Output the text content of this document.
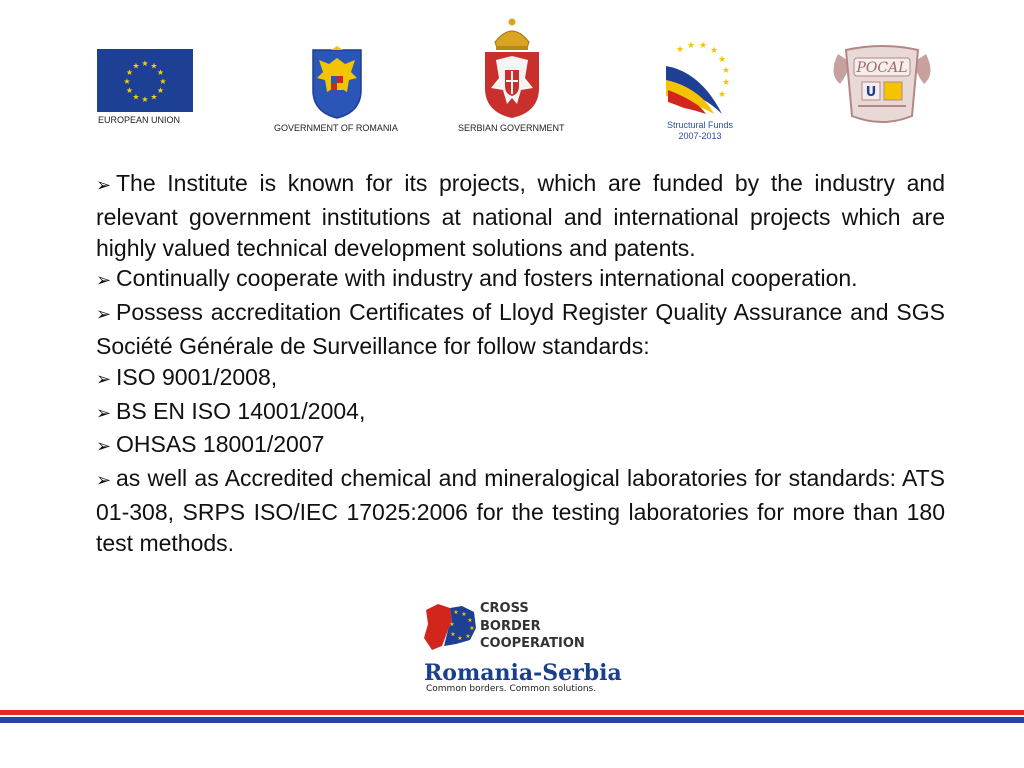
★ ★
★
★
★
★
★
★
★
★
★
★
EUROPEAN UNION
GOVERNMENT OF ROMANIA	SERBIAN GOVERNMENT
★ ★ ★ ★
★
★
★
★
Structural Funds
2007-2013
POCAL
U

➢ The Institute is known for its projects, which are funded by the industry and relevant government institutions at national and international projects which are highly valued technical development solutions and patents.

➢ Continually cooperate with industry and fosters international cooperation.

➢ Possess accreditation Certificates of Lloyd Register Quality Assurance and SGS Société Générale de Surveillance for follow standards:

➢ ISO 9001/2008,

➢ BS EN ISO 14001/2004,

➢ OHSAS 18001/2007

➢ as well as Accredited chemical and mineralogical laboratories for standards: ATS 01-308, SRPS ISO/IEC 17025:2006 for the testing laboratories for more than 180 test methods.

★ ★
★
★
★
★
★
★
CROSS
BORDER
COOPERATION
Romania-Serbia
Common borders. Common solutions.
